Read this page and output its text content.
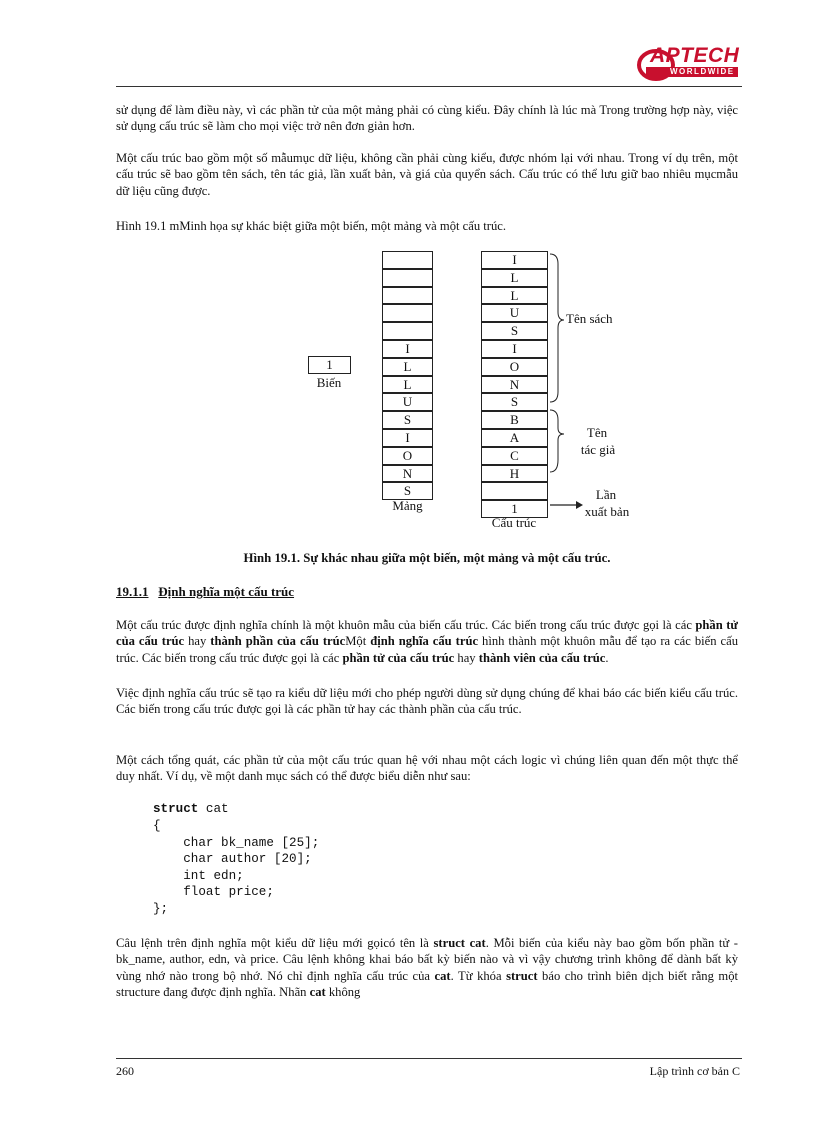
APTECH
WORLDWIDE
sử dụng để làm điều này, vì các phần tử của một mảng phải có cùng kiểu. Đây chính là lúc mà Trong trường hợp này, việc sử dụng cấu trúc sẽ làm cho mọi việc trở nên đơn giản hơn.
Một cấu trúc bao gồm một số mẫumục dữ liệu, không cần phải cùng kiểu, được nhóm lại với nhau. Trong ví dụ trên, một cấu trúc sẽ bao gồm tên sách, tên tác giả, lần xuất bản, và giá của quyển sách. Cấu trúc có thể lưu giữ bao nhiêu mụcmẫu dữ liệu cũng được.
Hình 19.1 mMinh họa sự khác biệt giữa một biến, một mảng và một cấu trúc.
1
Biến
I
L
L
U
S
I
O
N
S
Mảng
I
L
L
U
S
I
O
N
S
B
A
C
H
1
Cấu trúc
Tên sách
Tên
tác giả
Lần
xuất bản
Hình 19.1. Sự khác nhau giữa một biến, một mảng và một cấu trúc.
19.1.1 Định nghĩa một cấu trúc
Một cấu trúc được định nghĩa chính là một khuôn mẫu của biến cấu trúc. Các biến trong cấu trúc được gọi là các phần tử của cấu trúc hay thành phần của cấu trúcMột định nghĩa cấu trúc hình thành một khuôn mẫu để tạo ra các biến cấu trúc. Các biến trong cấu trúc được gọi là các phần tử của cấu trúc hay thành viên của cấu trúc.
Việc định nghĩa cấu trúc sẽ tạo ra kiểu dữ liệu mới cho phép người dùng sử dụng chúng để khai báo các biến kiểu cấu trúc. Các biến trong cấu trúc được gọi là các phần tử hay các thành phần của cấu trúc.
Một cách tổng quát, các phần tử của một cấu trúc quan hệ với nhau một cách logic vì chúng liên quan đến một thực thể duy nhất. Ví dụ, về một danh mục sách có thể được biểu diễn như sau:
struct cat
{
char bk_name [25];
char author [20];
int edn;
float price;
};
Câu lệnh trên định nghĩa một kiểu dữ liệu mới gọicó tên là struct cat. Mỗi biến của kiểu này bao gồm bốn phần tử - bk_name, author, edn, và price. Câu lệnh không khai báo bất kỳ biến nào và vì vậy chương trình không để dành bất kỳ vùng nhớ nào trong bộ nhớ. Nó chỉ định nghĩa cấu trúc của cat. Từ khóa struct báo cho trình biên dịch biết rằng một structure đang được định nghĩa. Nhãn cat không
260	Lập trình cơ bản C
